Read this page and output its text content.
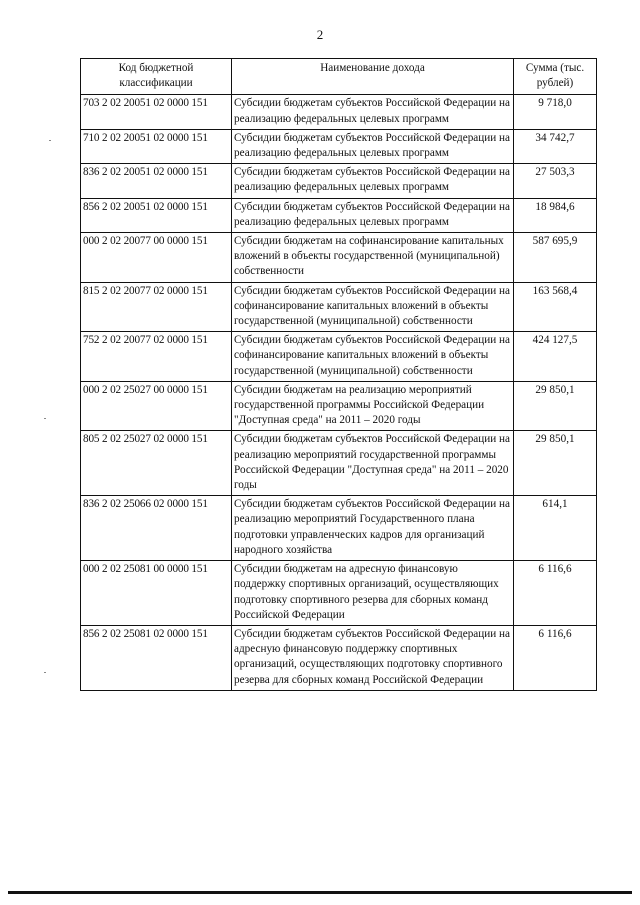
2
Код бюджетной классификации	Наименование дохода	Сумма (тыс. рублей)
703 2 02 20051 02 0000 151	Субсидии бюджетам субъектов Российской Федерации на реализацию федеральных целевых программ	9 718,0
710 2 02 20051 02 0000 151	Субсидии бюджетам субъектов Российской Федерации на реализацию федеральных целевых программ	34 742,7
836 2 02 20051 02 0000 151	Субсидии бюджетам субъектов Российской Федерации на реализацию федеральных целевых программ	27 503,3
856 2 02 20051 02 0000 151	Субсидии бюджетам субъектов Российской Федерации на реализацию федеральных целевых программ	18 984,6
000 2 02 20077 00 0000 151	Субсидии бюджетам на софинансирование капитальных вложений в объекты государственной (муниципальной) собственности	587 695,9
815 2 02 20077 02 0000 151	Субсидии бюджетам субъектов Российской Федерации на софинансирование капитальных вложений в объекты государственной (муниципальной) собственности	163 568,4
752 2 02 20077 02 0000 151	Субсидии бюджетам субъектов Российской Федерации на софинансирование капитальных вложений в объекты государственной (муниципальной) собственности	424 127,5
000 2 02 25027 00 0000 151	Субсидии бюджетам на реализацию мероприятий государственной программы Российской Федерации "Доступная среда" на 2011 – 2020 годы	29 850,1
805 2 02 25027 02 0000 151	Субсидии бюджетам субъектов Российской Федерации на реализацию мероприятий государственной программы Российской Федерации "Доступная среда" на 2011 – 2020 годы	29 850,1
836 2 02 25066 02 0000 151	Субсидии бюджетам субъектов Российской Федерации на реализацию мероприятий Государственного плана подготовки управленческих кадров для организаций народного хозяйства	614,1
000 2 02 25081 00 0000 151	Субсидии бюджетам на адресную финансовую поддержку спортивных организаций, осуществляющих подготовку спортивного резерва для сборных команд Российской Федерации	6 116,6
856 2 02 25081 02 0000 151	Субсидии бюджетам субъектов Российской Федерации на адресную финансовую поддержку спортивных организаций, осуществляющих подготовку спортивного резерва для сборных команд Российской Федерации	6 116,6
